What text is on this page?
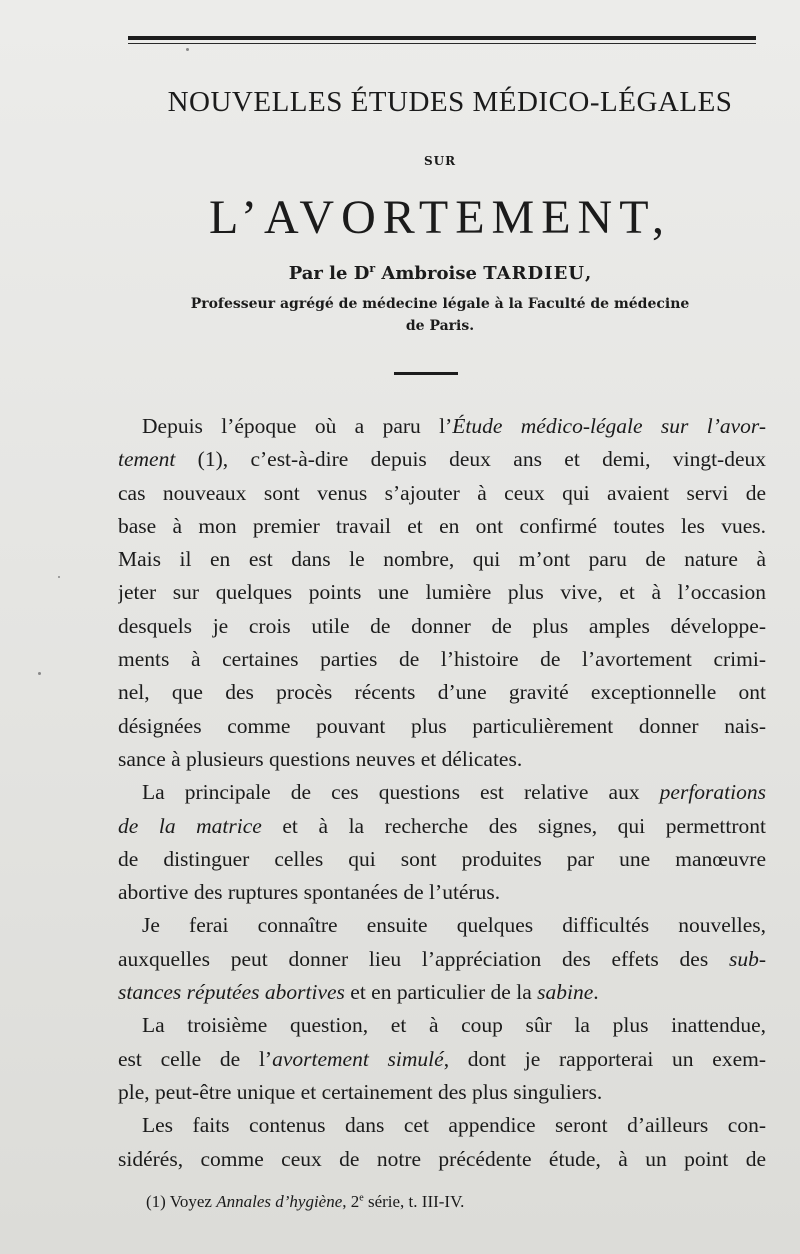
NOUVELLES ÉTUDES MÉDICO-LÉGALES
SUR
L’AVORTEMENT,
Par le $D^r$ Ambroise TARDIEU,
Professeur agrégé de médecine légale à la Faculté de médecine
de Paris.
Depuis l’époque où a paru l’Étude médico-légale sur l’avor-
tement (1), c’est-à-dire depuis deux ans et demi, vingt-deux
cas nouveaux sont venus s’ajouter à ceux qui avaient servi de
base à mon premier travail et en ont confirmé toutes les vues.
Mais il en est dans le nombre, qui m’ont paru de nature à
jeter sur quelques points une lumière plus vive, et à l’occasion
desquels je crois utile de donner de plus amples développe-
ments à certaines parties de l’histoire de l’avortement crimi-
nel, que des procès récents d’une gravité exceptionnelle ont
désignées comme pouvant plus particulièrement donner nais-
sance à plusieurs questions neuves et délicates.
La principale de ces questions est relative aux perforations
de la matrice et à la recherche des signes, qui permettront
de distinguer celles qui sont produites par une manœuvre
abortive des ruptures spontanées de l’utérus.
Je ferai connaître ensuite quelques difficultés nouvelles,
auxquelles peut donner lieu l’appréciation des effets des sub-
stances réputées abortives et en particulier de la sabine.
La troisième question, et à coup sûr la plus inattendue,
est celle de l’avortement simulé, dont je rapporterai un exem-
ple, peut-être unique et certainement des plus singuliers.
Les faits contenus dans cet appendice seront d’ailleurs con-
sidérés, comme ceux de notre précédente étude, à un point de
(1) Voyez Annales d’hygiène, 2e série, t. III-IV.
